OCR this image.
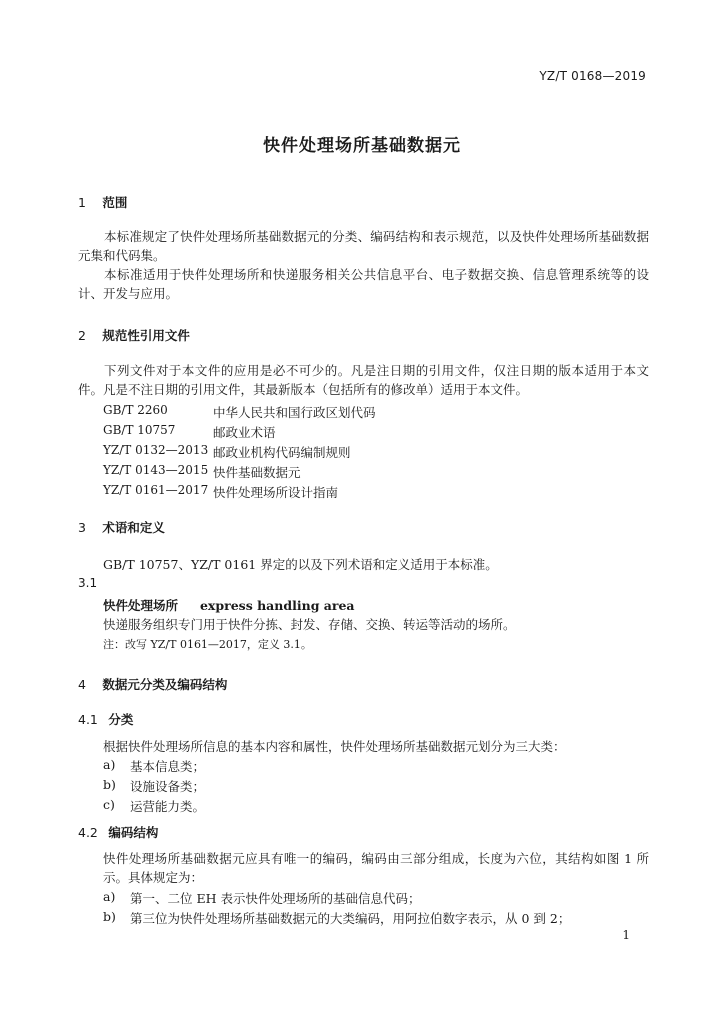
YZ/T 0168—2019
快件处理场所基础数据元
1 范围
本标准规定了快件处理场所基础数据元的分类、编码结构和表示规范，以及快件处理场所基础数据元集和代码集。
本标准适用于快件处理场所和快递服务相关公共信息平台、电子数据交换、信息管理系统等的设计、开发与应用。
2 规范性引用文件
下列文件对于本文件的应用是必不可少的。凡是注日期的引用文件，仅注日期的版本适用于本文件。凡是不注日期的引用文件，其最新版本（包括所有的修改单）适用于本文件。
GB/T 2260	中华人民共和国行政区划代码
GB/T 10757	邮政业术语
YZ/T 0132—2013 邮政业机构代码编制规则
YZ/T 0143—2015 快件基础数据元
YZ/T 0161—2017 快件处理场所设计指南
3 术语和定义
GB/T 10757、YZ/T 0161 界定的以及下列术语和定义适用于本标准。
3.1
快件处理场所 express handling area
快递服务组织专门用于快件分拣、封发、存储、交换、转运等活动的场所。
注：改写 YZ/T 0161—2017，定义 3.1。
4 数据元分类及编码结构
4.1 分类
根据快件处理场所信息的基本内容和属性，快件处理场所基础数据元划分为三大类：
a) 基本信息类；
b) 设施设备类；
c) 运营能力类。
4.2 编码结构
快件处理场所基础数据元应具有唯一的编码，编码由三部分组成，长度为六位，其结构如图 1 所示。具体规定为：
a) 第一、二位 EH 表示快件处理场所的基础信息代码；
b) 第三位为快件处理场所基础数据元的大类编码，用阿拉伯数字表示，从 0 到 2；
1
